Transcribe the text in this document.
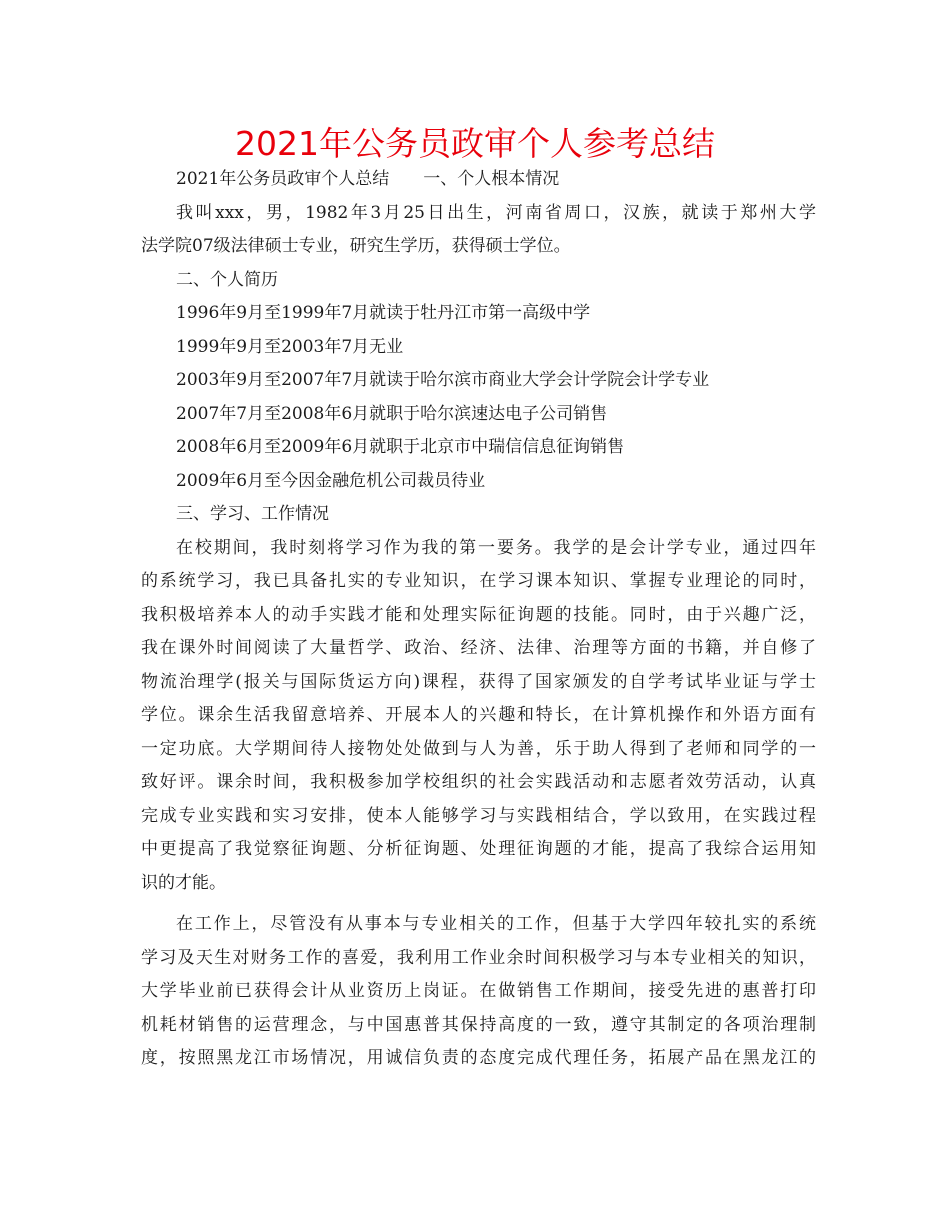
2021年公务员政审个人参考总结
2021年公务员政审个人总结　　一、个人根本情况
我叫xxx，男，1982年3月25日出生，河南省周口，汉族，就读于郑州大学
法学院07级法律硕士专业，研究生学历，获得硕士学位。
二、个人简历
1996年9月至1999年7月就读于牡丹江市第一高级中学
1999年9月至2003年7月无业
2003年9月至2007年7月就读于哈尔滨市商业大学会计学院会计学专业
2007年7月至2008年6月就职于哈尔滨速达电子公司销售
2008年6月至2009年6月就职于北京市中瑞信信息征询销售
2009年6月至今因金融危机公司裁员待业
三、学习、工作情况
在校期间，我时刻将学习作为我的第一要务。我学的是会计学专业，通过四年
的系统学习，我已具备扎实的专业知识，在学习课本知识、掌握专业理论的同时，
我积极培养本人的动手实践才能和处理实际征询题的技能。同时，由于兴趣广泛，
我在课外时间阅读了大量哲学、政治、经济、法律、治理等方面的书籍，并自修了
物流治理学(报关与国际货运方向)课程，获得了国家颁发的自学考试毕业证与学士
学位。课余生活我留意培养、开展本人的兴趣和特长，在计算机操作和外语方面有
一定功底。大学期间待人接物处处做到与人为善，乐于助人得到了老师和同学的一
致好评。课余时间，我积极参加学校组织的社会实践活动和志愿者效劳活动，认真
完成专业实践和实习安排，使本人能够学习与实践相结合，学以致用，在实践过程
中更提高了我觉察征询题、分析征询题、处理征询题的才能，提高了我综合运用知
识的才能。
在工作上，尽管没有从事本与专业相关的工作，但基于大学四年较扎实的系统
学习及天生对财务工作的喜爱，我利用工作业余时间积极学习与本专业相关的知识，
大学毕业前已获得会计从业资历上岗证。在做销售工作期间，接受先进的惠普打印
机耗材销售的运营理念，与中国惠普其保持高度的一致，遵守其制定的各项治理制
度，按照黑龙江市场情况，用诚信负责的态度完成代理任务，拓展产品在黑龙江的
